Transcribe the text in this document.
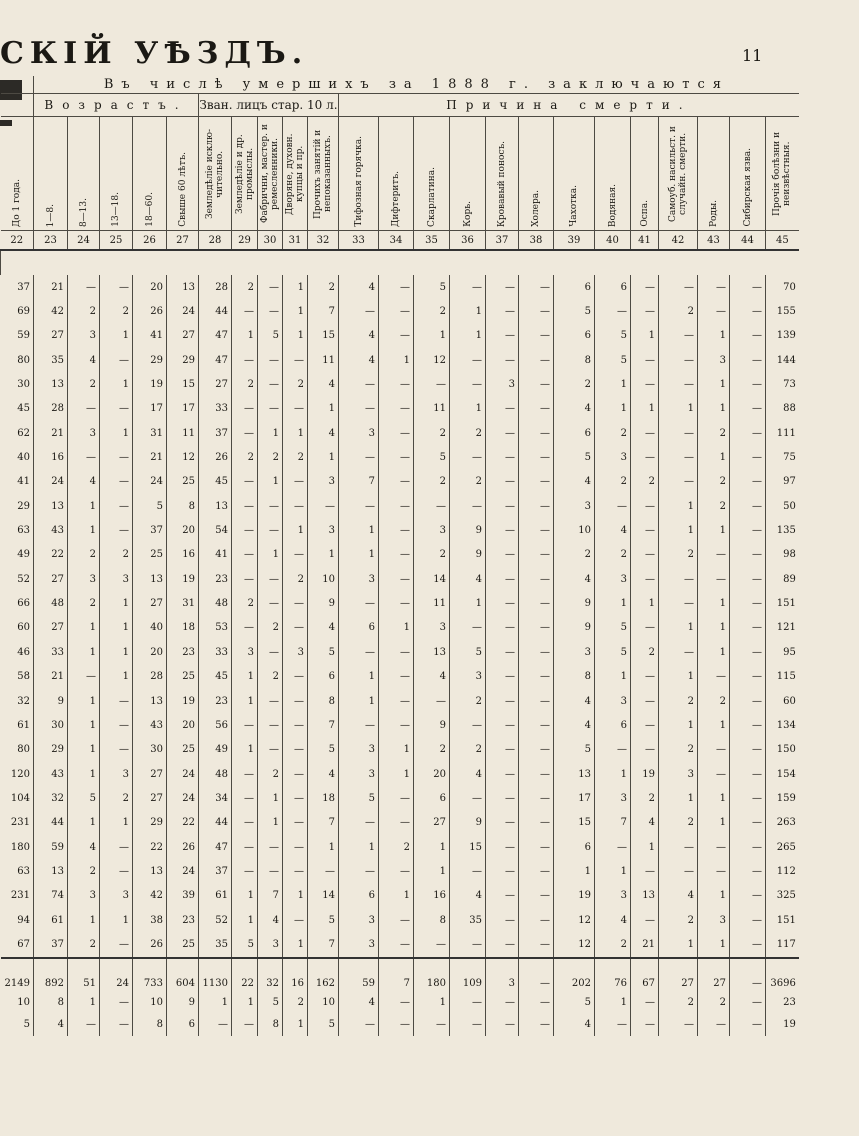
СКІЙ УѢЗДЪ.	11
	Въ числѣ умершихъ за 1888 г. заключаются																						
	Возрастъ.					Зван. лицъ стар. 10 л.					Причина смерти.												
До 1 года.	1—8.	8—13.	13—18.	18—60.	Свыше 60 лѣтъ.	Земледѣліе исклю-чительно.	Земледѣліе и др. промыслы.	Фабрични, мастер. и ремесленники.	Дворяне, духовн. купцы и пр.	Прочихъ занятій и непоказанныхъ.	Тифозная горячка.	Дифтеритъ.	Скарлатина.	Корь.	Кровавый поносъ.	Холера.	Чахотка.	Водяная.	Оспа.	Самоуб. насильст. и случайн. смерти.	Роды.	Сибирская язва.	Прочія болѣзни и неизвѣстныя.
22	23	24	25	26	27	28	29	30	31	32	33	34	35	36	37	38	39	40	41	42	43	44	45

37	21	—	—	20	13	28	2	—	1	2	4	—	5	—	—	—	6	6	—	—	—	—	70
69	42	2	2	26	24	44	—	—	1	7	—	—	2	1	—	—	5	—	—	2	—	—	155
59	27	3	1	41	27	47	1	5	1	15	4	—	1	1	—	—	6	5	1	—	1	—	139
80	35	4	—	29	29	47	—	—	—	11	4	1	12	—	—	—	8	5	—	—	3	—	144
30	13	2	1	19	15	27	2	—	2	4	—	—	—	—	3	—	2	1	—	—	1	—	73
45	28	—	—	17	17	33	—	—	—	1	—	—	11	1	—	—	4	1	1	1	1	—	88
62	21	3	1	31	11	37	—	1	1	4	3	—	2	2	—	—	6	2	—	—	2	—	111
40	16	—	—	21	12	26	2	2	2	1	—	—	5	—	—	—	5	3	—	—	1	—	75
41	24	4	—	24	25	45	—	1	—	3	7	—	2	2	—	—	4	2	2	—	2	—	97
29	13	1	—	5	8	13	—	—	—	—	—	—	—	—	—	—	3	—	—	1	2	—	50
63	43	1	—	37	20	54	—	—	1	3	1	—	3	9	—	—	10	4	—	1	1	—	135
49	22	2	2	25	16	41	—	1	—	1	1	—	2	9	—	—	2	2	—	2	—	—	98
52	27	3	3	13	19	23	—	—	2	10	3	—	14	4	—	—	4	3	—	—	—	—	89
66	48	2	1	27	31	48	2	—	—	9	—	—	11	1	—	—	9	1	1	—	1	—	151
60	27	1	1	40	18	53	—	2	—	4	6	1	3	—	—	—	9	5	—	1	1	—	121
46	33	1	1	20	23	33	3	—	3	5	—	—	13	5	—	—	3	5	2	—	1	—	95
58	21	—	1	28	25	45	1	2	—	6	1	—	4	3	—	—	8	1	—	1	—	—	115
32	9	1	—	13	19	23	1	—	—	8	1	—	—	2	—	—	4	3	—	2	2	—	60
61	30	1	—	43	20	56	—	—	—	7	—	—	9	—	—	—	4	6	—	1	1	—	134
80	29	1	—	30	25	49	1	—	—	5	3	1	2	2	—	—	5	—	—	2	—	—	150
120	43	1	3	27	24	48	—	2	—	4	3	1	20	4	—	—	13	1	19	3	—	—	154
104	32	5	2	27	24	34	—	1	—	18	5	—	6	—	—	—	17	3	2	1	1	—	159
231	44	1	1	29	22	44	—	1	—	7	—	—	27	9	—	—	15	7	4	2	1	—	263
180	59	4	—	22	26	47	—	—	—	1	1	2	1	15	—	—	6	—	1	—	—	—	265
63	13	2	—	13	24	37	—	—	—	—	—	—	1	—	—	—	1	1	—	—	—	—	112
231	74	3	3	42	39	61	1	7	1	14	6	1	16	4	—	—	19	3	13	4	1	—	325
94	61	1	1	38	23	52	1	4	—	5	3	—	8	35	—	—	12	4	—	2	3	—	151
67	37	2	—	26	25	35	5	3	1	7	3	—	—	—	—	—	12	2	21	1	1	—	117
2149	892	51	24	733	604	1130	22	32	16	162	59	7	180	109	3	—	202	76	67	27	27	—	3696
10	8	1	—	10	9	1	1	5	2	10	4	—	1	—	—	—	5	1	—	2	2	—	23
5	4	—	—	8	6	—	—	8	1	5	—	—	—	—	—	—	4	—	—	—	—	—	19
